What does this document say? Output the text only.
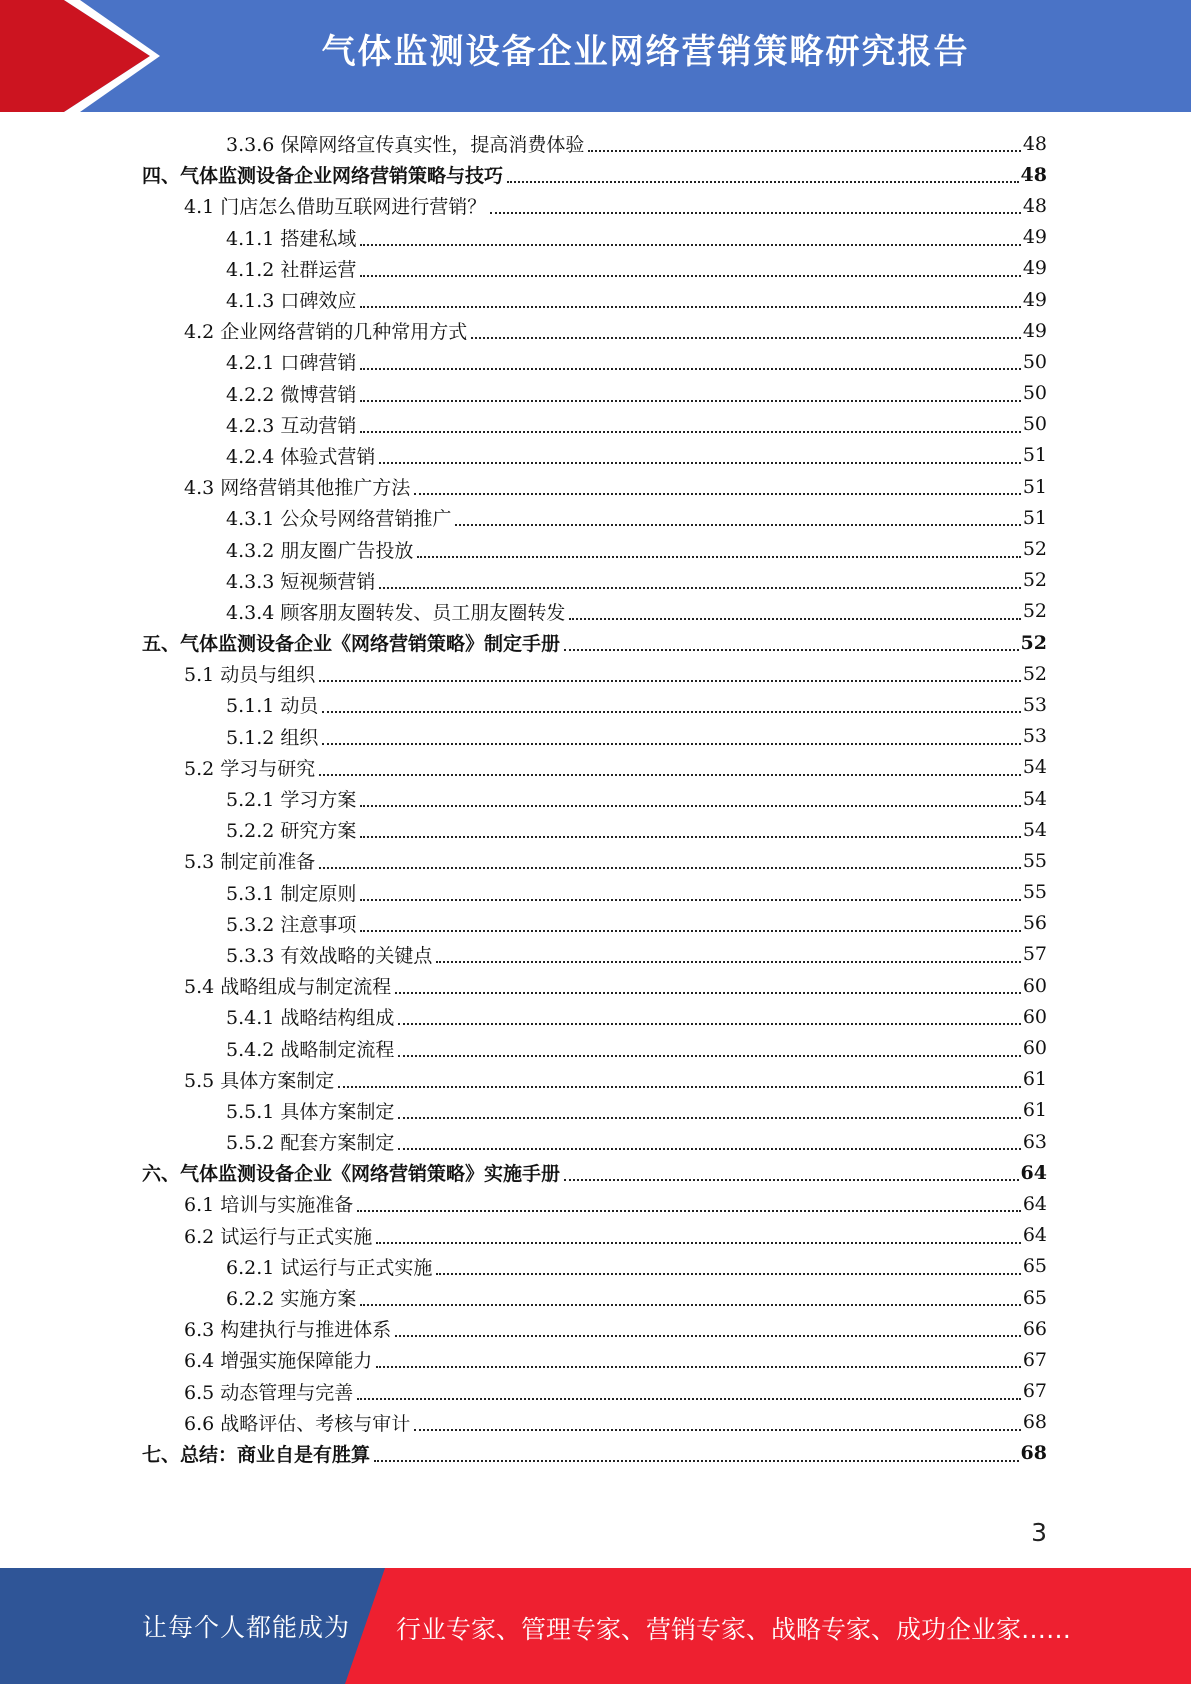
气体监测设备企业网络营销策略研究报告
3.3.6 保障网络宣传真实性，提高消费体验	48
四、气体监测设备企业网络营销策略与技巧	48
4.1 门店怎么借助互联网进行营销？	48
4.1.1 搭建私域	49
4.1.2 社群运营	49
4.1.3 口碑效应	49
4.2 企业网络营销的几种常用方式	49
4.2.1 口碑营销	50
4.2.2 微博营销	50
4.2.3 互动营销	50
4.2.4 体验式营销	51
4.3 网络营销其他推广方法	51
4.3.1 公众号网络营销推广	51
4.3.2 朋友圈广告投放	52
4.3.3 短视频营销	52
4.3.4 顾客朋友圈转发、员工朋友圈转发	52
五、气体监测设备企业《网络营销策略》制定手册	52
5.1 动员与组织	52
5.1.1 动员	53
5.1.2 组织	53
5.2 学习与研究	54
5.2.1 学习方案	54
5.2.2 研究方案	54
5.3 制定前准备	55
5.3.1 制定原则	55
5.3.2 注意事项	56
5.3.3 有效战略的关键点	57
5.4 战略组成与制定流程	60
5.4.1 战略结构组成	60
5.4.2 战略制定流程	60
5.5 具体方案制定	61
5.5.1 具体方案制定	61
5.5.2 配套方案制定	63
六、气体监测设备企业《网络营销策略》实施手册	64
6.1 培训与实施准备	64
6.2 试运行与正式实施	64
6.2.1 试运行与正式实施	65
6.2.2 实施方案	65
6.3 构建执行与推进体系	66
6.4 增强实施保障能力	67
6.5 动态管理与完善	67
6.6 战略评估、考核与审计	68
七、总结：商业自是有胜算	68
3
让每个人都能成为 行业专家、管理专家、营销专家、战略专家、成功企业家……
